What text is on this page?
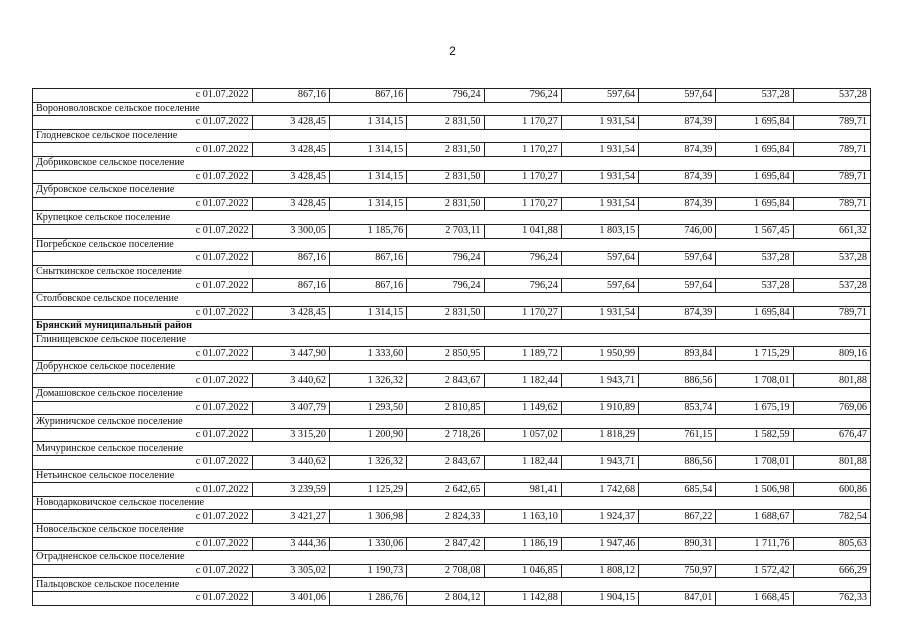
2
с 01.07.2022	867,16	867,16	796,24	796,24	597,64	597,64	537,28	537,28
Вороноволовское сельское поселение								
с 01.07.2022	3 428,45	1 314,15	2 831,50	1 170,27	1 931,54	874,39	1 695,84	789,71
Глодневское сельское поселение								
с 01.07.2022	3 428,45	1 314,15	2 831,50	1 170,27	1 931,54	874,39	1 695,84	789,71
Добриковское сельское поселение								
с 01.07.2022	3 428,45	1 314,15	2 831,50	1 170,27	1 931,54	874,39	1 695,84	789,71
Дубровское сельское поселение								
с 01.07.2022	3 428,45	1 314,15	2 831,50	1 170,27	1 931,54	874,39	1 695,84	789,71
Крупецкое сельское поселение								
с 01.07.2022	3 300,05	1 185,76	2 703,11	1 041,88	1 803,15	746,00	1 567,45	661,32
Погребское сельское поселение								
с 01.07.2022	867,16	867,16	796,24	796,24	597,64	597,64	537,28	537,28
Сныткинское сельское поселение								
с 01.07.2022	867,16	867,16	796,24	796,24	597,64	597,64	537,28	537,28
Столбовское сельское поселение								
с 01.07.2022	3 428,45	1 314,15	2 831,50	1 170,27	1 931,54	874,39	1 695,84	789,71
Брянский муниципальный район								
Глинищевское сельское поселение								
с 01.07.2022	3 447,90	1 333,60	2 850,95	1 189,72	1 950,99	893,84	1 715,29	809,16
Добрунское сельское поселение								
с 01.07.2022	3 440,62	1 326,32	2 843,67	1 182,44	1 943,71	886,56	1 708,01	801,88
Домашовское сельское поселение								
с 01.07.2022	3 407,79	1 293,50	2 810,85	1 149,62	1 910,89	853,74	1 675,19	769,06
Журиничское сельское поселение								
с 01.07.2022	3 315,20	1 200,90	2 718,26	1 057,02	1 818,29	761,15	1 582,59	676,47
Мичуринское сельское поселение								
с 01.07.2022	3 440,62	1 326,32	2 843,67	1 182,44	1 943,71	886,56	1 708,01	801,88
Нетьинское сельское поселение								
с 01.07.2022	3 239,59	1 125,29	2 642,65	981,41	1 742,68	685,54	1 506,98	600,86
Новодарковичское сельское поселение								
с 01.07.2022	3 421,27	1 306,98	2 824,33	1 163,10	1 924,37	867,22	1 688,67	782,54
Новосельское сельское поселение								
с 01.07.2022	3 444,36	1 330,06	2 847,42	1 186,19	1 947,46	890,31	1 711,76	805,63
Отрадненское сельское поселение								
с 01.07.2022	3 305,02	1 190,73	2 708,08	1 046,85	1 808,12	750,97	1 572,42	666,29
Пальцовское сельское поселение								
с 01.07.2022	3 401,06	1 286,76	2 804,12	1 142,88	1 904,15	847,01	1 668,45	762,33
